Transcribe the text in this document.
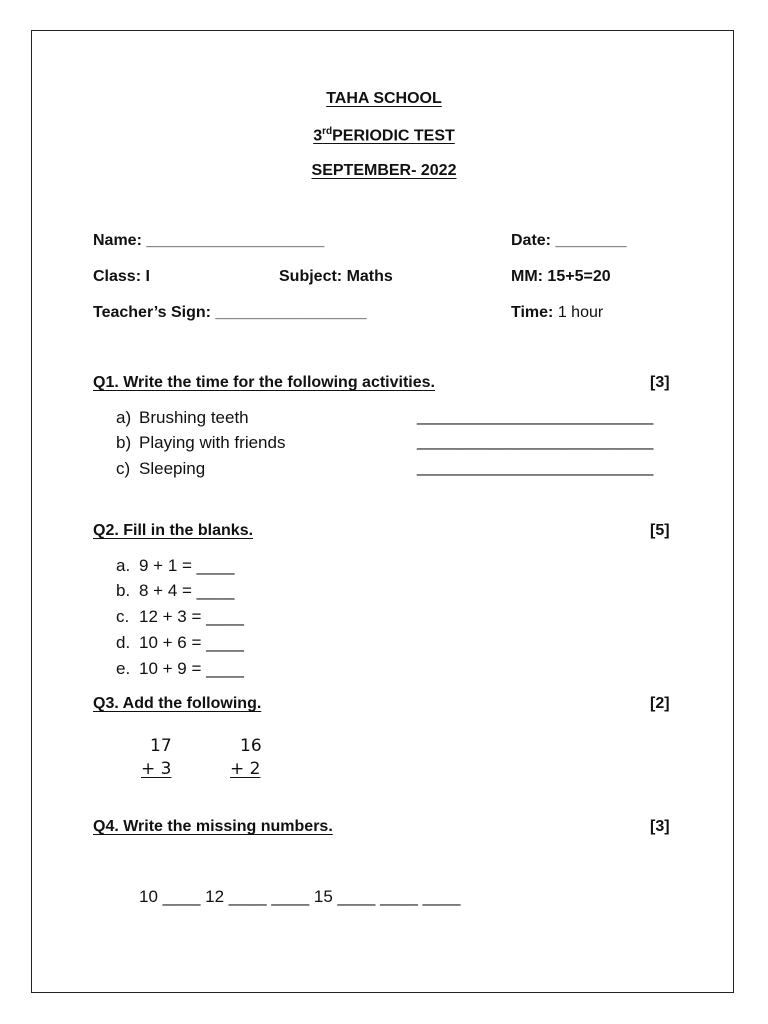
TAHA SCHOOL
3rdPERIODIC TEST
SEPTEMBER- 2022
Name: ____________________	Date: ________
Class: I	Subject: Maths	MM: 15+5=20
Teacher’s Sign: _________________	Time: 1 hour
Q1. Write the time for the following activities.	[3]
a) Brushing teeth	_________________________
b) Playing with friends	_________________________
c) Sleeping	_________________________
Q2. Fill in the blanks.	[5]
a. 9 + 1 = ____
b. 8 + 4 = ____
c. 12 + 3 = ____
d. 10 + 6 = ____
e. 10 + 9 = ____
Q3. Add the following.	[2]
17
+ 3
16
+ 2
Q4. Write the missing numbers.	[3]
10 ____ 12 ____ ____ 15 ____ ____ ____
